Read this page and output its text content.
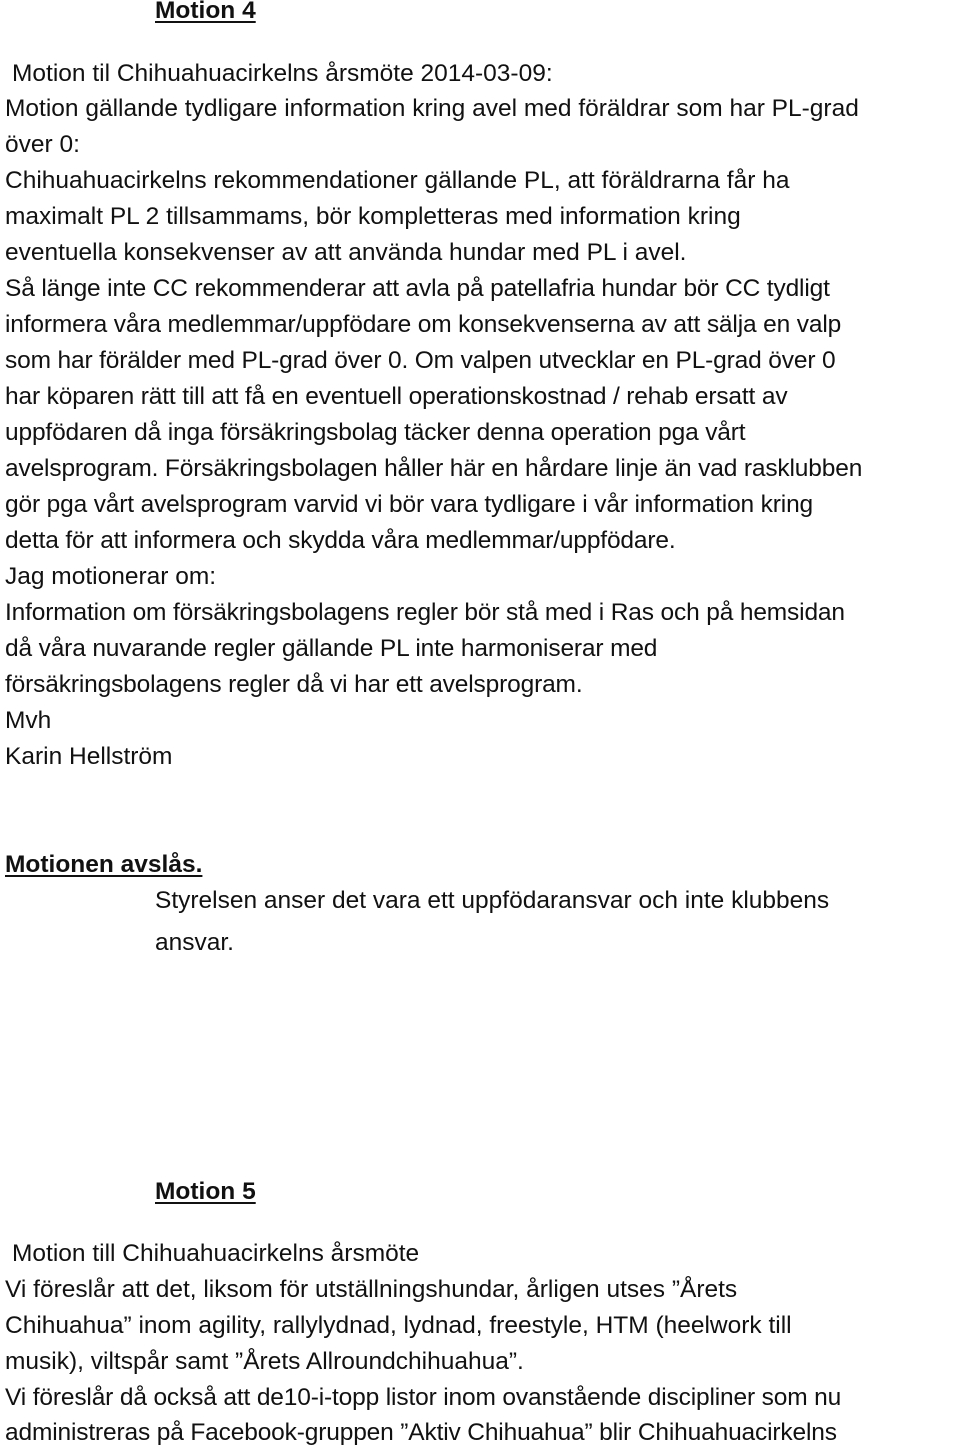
Motion 4
Motion til Chihuahuacirkelns årsmöte 2014-03-09:
Motion gällande tydligare information kring avel med föräldrar som har PL-grad
över 0:
Chihuahuacirkelns rekommendationer gällande PL, att föräldrarna får ha
maximalt PL 2 tillsammams, bör kompletteras med information kring
eventuella konsekvenser av att använda hundar med PL i avel.
Så länge inte CC rekommenderar att avla på patellafria hundar bör CC tydligt
informera våra medlemmar/uppfödare om konsekvenserna av att sälja en valp
som har förälder med PL-grad över 0. Om valpen utvecklar en PL-grad över 0
har köparen rätt till att få en eventuell operationskostnad / rehab ersatt av
uppfödaren då inga försäkringsbolag täcker denna operation pga vårt
avelsprogram. Försäkringsbolagen håller här en hårdare linje än vad rasklubben
gör pga vårt avelsprogram varvid vi bör vara tydligare i vår information kring
detta för att informera och skydda våra medlemmar/uppfödare.
Jag motionerar om:
Information om försäkringsbolagens regler bör stå med i Ras och på hemsidan
då våra nuvarande regler gällande PL inte harmoniserar med
försäkringsbolagens regler då vi har ett avelsprogram.
Mvh
Karin Hellström
Motionen avslås.
Styrelsen anser det vara ett uppfödaransvar och inte klubbens
ansvar.
Motion 5
Motion till Chihuahuacirkelns årsmöte
Vi föreslår att det, liksom för utställningshundar, årligen utses ”Årets
Chihuahua” inom agility, rallylydnad, lydnad, freestyle, HTM (heelwork till
musik), viltspår samt ”Årets Allroundchihuahua”.
Vi föreslår då också att de10-i-topp listor inom ovanstående discipliner som nu
administreras på Facebook-gruppen ”Aktiv Chihuahua” blir Chihuahuacirkelns
